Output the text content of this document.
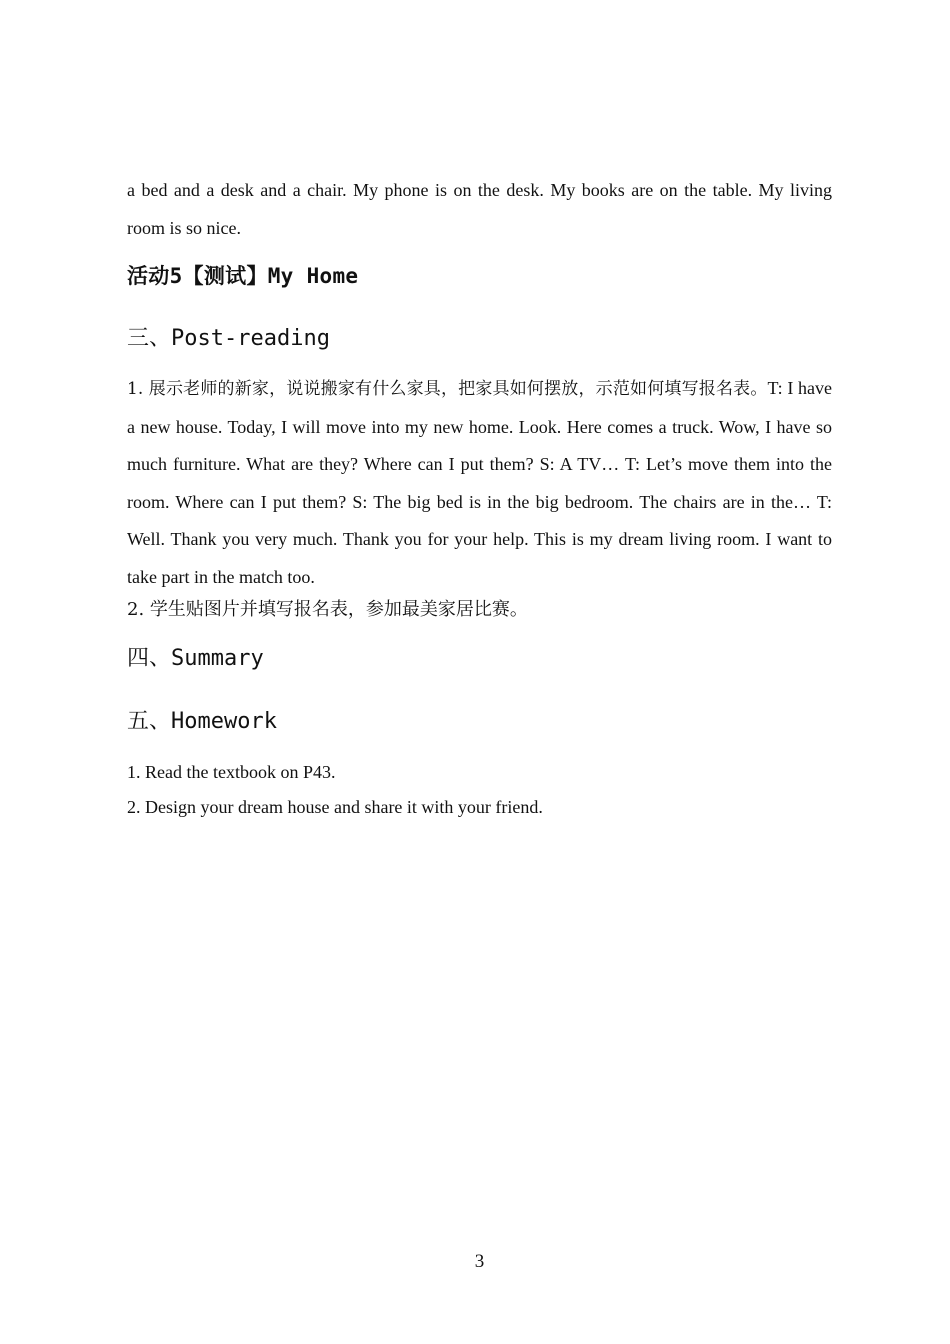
a bed and a desk and a chair. My phone is on the desk. My books are on the table. My living room is so nice.

活动5【测试】My Home
三、Post-reading

1. 展示老师的新家，说说搬家有什么家具，把家具如何摆放，示范如何填写报名表。T: I have a new house. Today, I will move into my new home. Look. Here comes a truck. Wow, I have so much furniture. What are they? Where can I put them? S: A TV… T: Let’s move them into the room. Where can I put them? S: The big bed is in the big bedroom. The chairs are in the… T: Well. Thank you very much. Thank you for your help. This is my dream living room. I want to take part in the match too.

2. 学生贴图片并填写报名表，参加最美家居比赛。

四、Summary
五、Homework

1. Read the textbook on P43.

2. Design your dream house and share it with your friend.

3
